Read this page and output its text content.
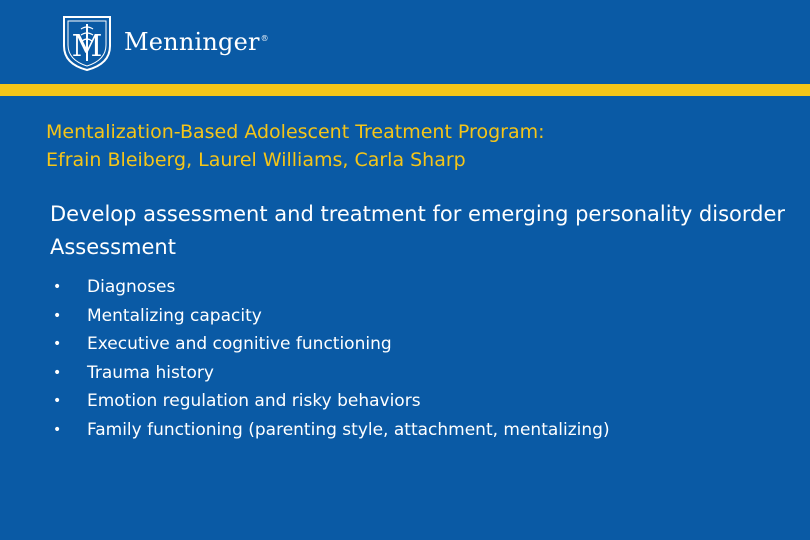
M Menninger®
Mentalization-Based Adolescent Treatment Program:
Efrain Bleiberg, Laurel Williams, Carla Sharp

Develop assessment and treatment for emerging personality disorder

Assessment

• Diagnoses
• Mentalizing capacity
• Executive and cognitive functioning
• Trauma history
• Emotion regulation and risky behaviors
• Family functioning (parenting style, attachment, mentalizing)
